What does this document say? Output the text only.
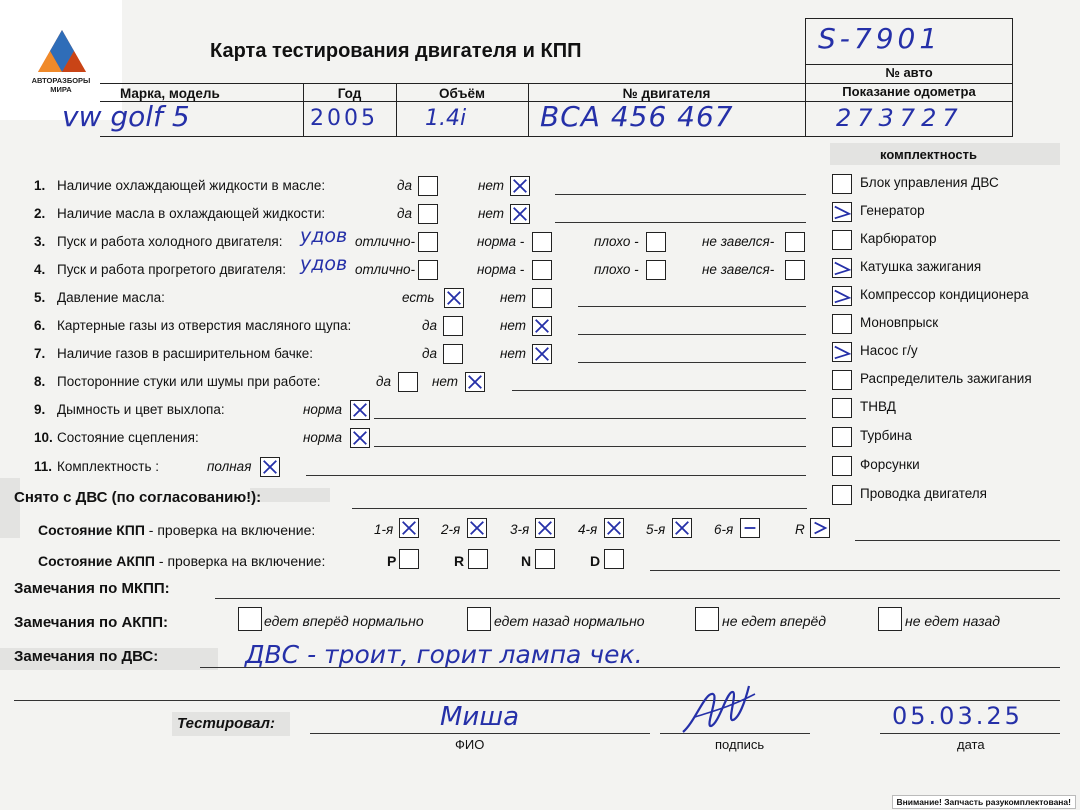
АВТОРАЗБОРЫ
МИРА
Карта тестирования двигателя и КПП	S-7901
№ авто
Марка, модель	Год	Объём	№ двигателя	Показание одометра
vw golf 5	2005 1.4i	BCA 456 467	273727
1. Наличие охлаждающей жидкости в масле:	да	нет
2. Наличие масла в охлаждающей жидкости:	да	нет
3. Пуск и работа холодного двигателя:	отлично-	норма -	плохо -	не завелся-
удов
4. Пуск и работа прогретого двигателя:	отлично-	норма -	плохо -	не завелся-
удов
5. Давление масла:	есть	нет
6. Картерные газы из отверстия масляного щупа:	да	нет
7. Наличие газов в расширительном бачке:	да	нет
8. Посторонние стуки или шумы при работе:	да	нет
9. Дымность и цвет выхлопа:	норма
10. Состояние сцепления:	норма
11. Комплектность :	полная
комплектность
Блок управления ДВС
Генератор
Карбюратор
Катушка зажигания
Компрессор кондиционера
Моновпрыск
Насос г/у
Распределитель зажигания
ТНВД
Турбина
Форсунки
Проводка двигателя
Снято с ДВС (по согласованию!):
Состояние КПП - проверка на включение:	1-я	2-я	3-я	4-я	5-я	6-я	R
Состояние АКПП - проверка на включение:	P	R	N	D
Замечания по МКПП:
Замечания по АКПП:	едет вперёд нормально	едет назад нормально	не едет вперёд	не едет назад
Замечания по ДВС:	ДВС - троит, горит лампа чек.
Тестировал:	Миша
ФИО	подпись
05.03.25
дата
Внимание! Запчасть разукомплектована!
